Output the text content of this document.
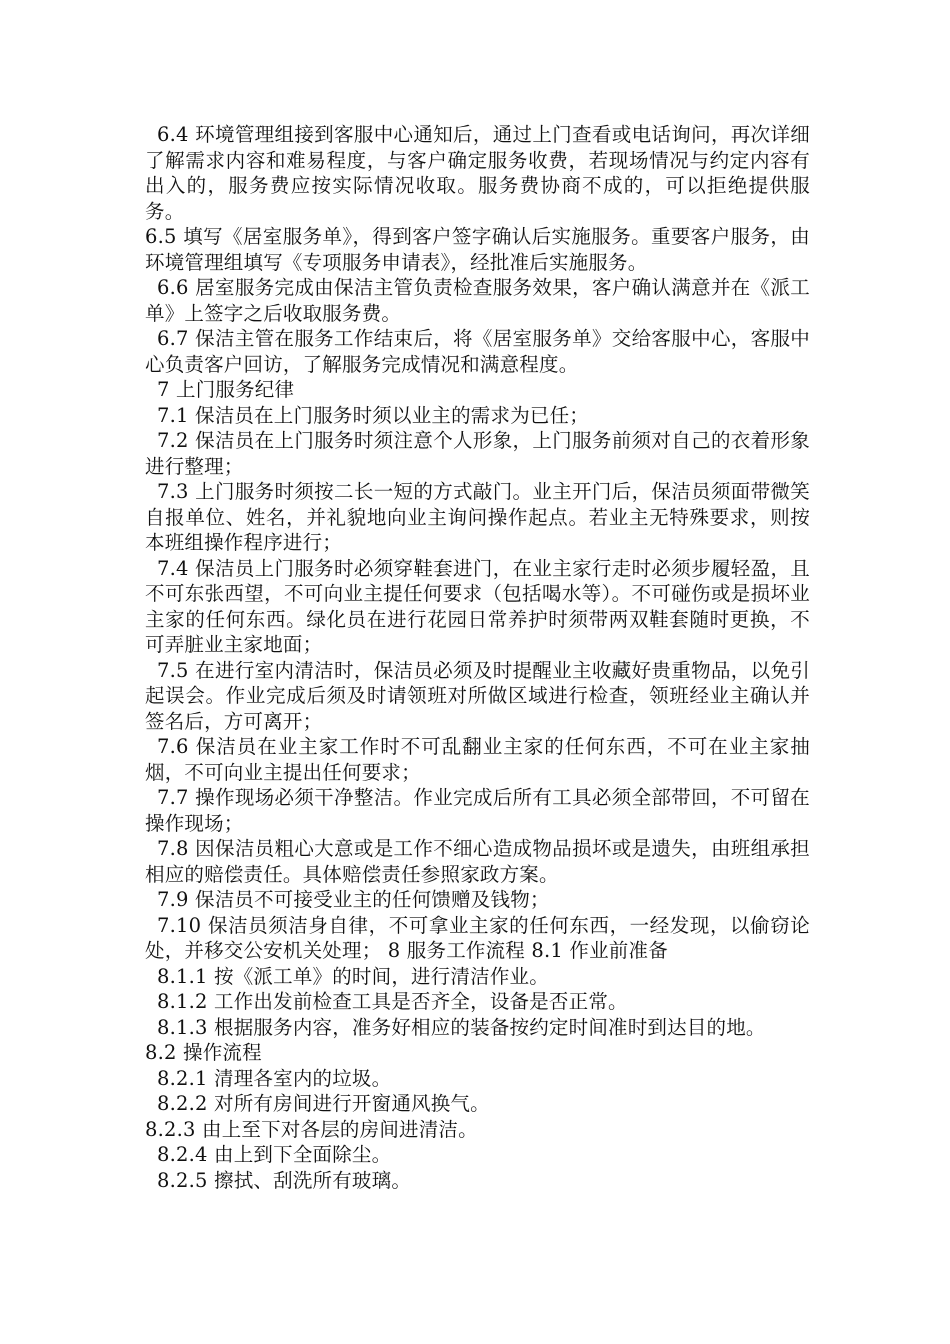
6.4 环境管理组接到客服中心通知后，通过上门查看或电话询问，再次详细了解需求内容和难易程度，与客户确定服务收费，若现场情况与约定内容有出入的，服务费应按实际情况收取。服务费协商不成的，可以拒绝提供服务。

6.5 填写《居室服务单》，得到客户签字确认后实施服务。重要客户服务，由环境管理组填写《专项服务申请表》，经批准后实施服务。

6.6 居室服务完成由保洁主管负责检查服务效果，客户确认满意并在《派工单》上签字之后收取服务费。

6.7 保洁主管在服务工作结束后，将《居室服务单》交给客服中心，客服中心负责客户回访，了解服务完成情况和满意程度。

7 上门服务纪律

7.1 保洁员在上门服务时须以业主的需求为已任；

7.2 保洁员在上门服务时须注意个人形象，上门服务前须对自己的衣着形象进行整理；

7.3 上门服务时须按二长一短的方式敲门。业主开门后，保洁员须面带微笑自报单位、姓名，并礼貌地向业主询问操作起点。若业主无特殊要求，则按本班组操作程序进行；

7.4 保洁员上门服务时必须穿鞋套进门，在业主家行走时必须步履轻盈，且不可东张西望，不可向业主提任何要求（包括喝水等）。不可碰伤或是损坏业主家的任何东西。绿化员在进行花园日常养护时须带两双鞋套随时更换，不可弄脏业主家地面；

7.5 在进行室内清洁时，保洁员必须及时提醒业主收藏好贵重物品，以免引起误会。作业完成后须及时请领班对所做区域进行检查，领班经业主确认并签名后，方可离开；

7.6 保洁员在业主家工作时不可乱翻业主家的任何东西，不可在业主家抽烟，不可向业主提出任何要求；

7.7 操作现场必须干净整洁。作业完成后所有工具必须全部带回，不可留在操作现场；

7.8 因保洁员粗心大意或是工作不细心造成物品损坏或是遗失，由班组承担相应的赔偿责任。具体赔偿责任参照家政方案。

7.9 保洁员不可接受业主的任何馈赠及钱物；

7.10 保洁员须洁身自律，不可拿业主家的任何东西，一经发现，以偷窃论处，并移交公安机关处理； 8 服务工作流程 8.1 作业前准备

8.1.1 按《派工单》的时间，进行清洁作业。

8.1.2 工作出发前检查工具是否齐全，设备是否正常。

8.1.3 根据服务内容，准务好相应的装备按约定时间准时到达目的地。

8.2 操作流程

8.2.1 清理各室内的垃圾。

8.2.2 对所有房间进行开窗通风换气。

8.2.3 由上至下对各层的房间进清洁。

8.2.4 由上到下全面除尘。

8.2.5 擦拭、刮洗所有玻璃。
